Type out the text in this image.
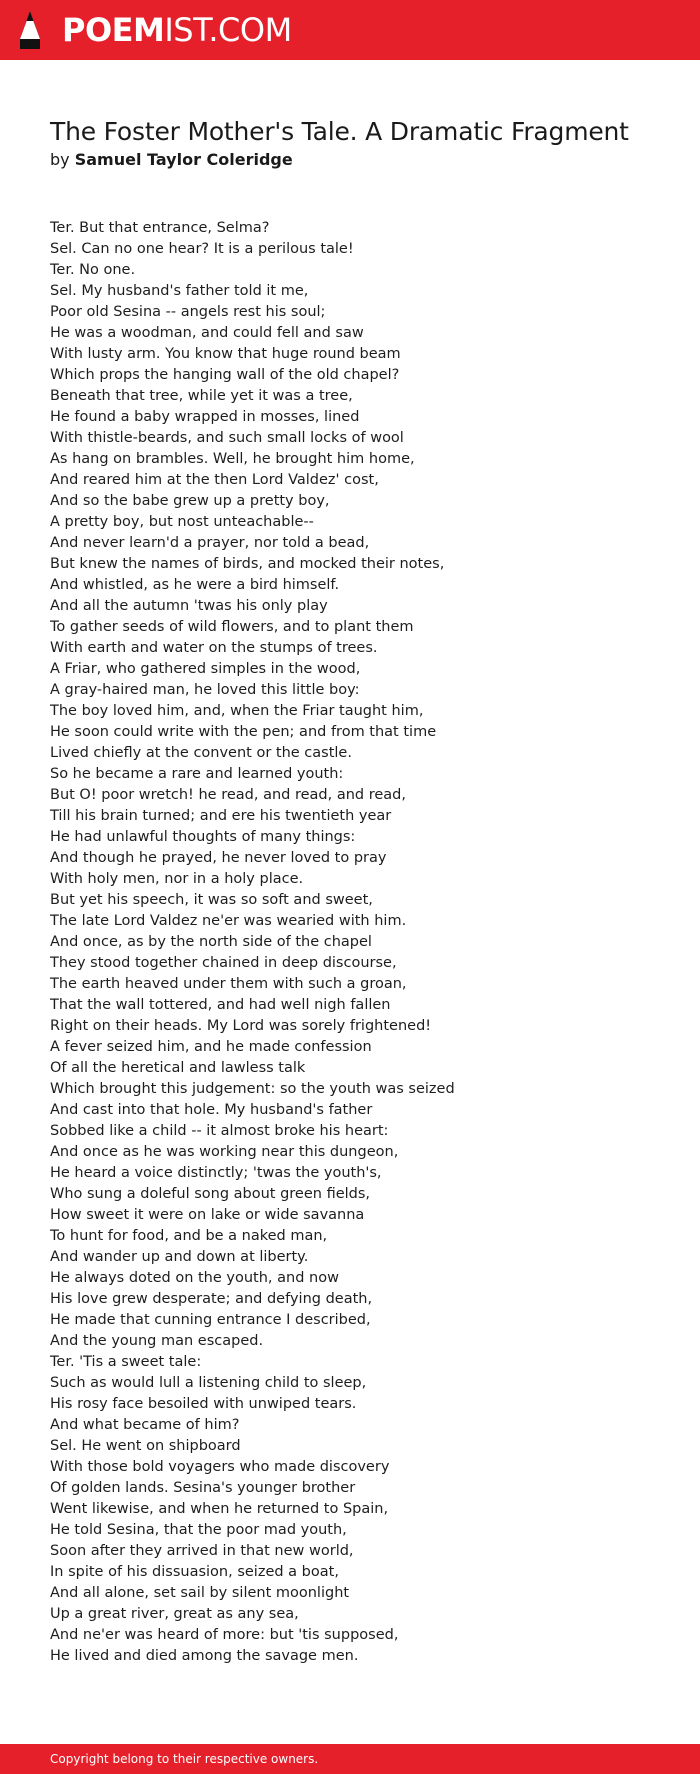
POEMIST.COM
The Foster Mother's Tale. A Dramatic Fragment
by Samuel Taylor Coleridge
Ter. But that entrance, Selma?
Sel. Can no one hear? It is a perilous tale!
Ter. No one.
Sel. My husband's father told it me,
Poor old Sesina -- angels rest his soul;
He was a woodman, and could fell and saw
With lusty arm. You know that huge round beam
Which props the hanging wall of the old chapel?
Beneath that tree, while yet it was a tree,
He found a baby wrapped in mosses, lined
With thistle-beards, and such small locks of wool
As hang on brambles. Well, he brought him home,
And reared him at the then Lord Valdez' cost,
And so the babe grew up a pretty boy,
A pretty boy, but nost unteachable--
And never learn'd a prayer, nor told a bead,
But knew the names of birds, and mocked their notes,
And whistled, as he were a bird himself.
And all the autumn 'twas his only play
To gather seeds of wild flowers, and to plant them
With earth and water on the stumps of trees.
A Friar, who gathered simples in the wood,
A gray-haired man, he loved this little boy:
The boy loved him, and, when the Friar taught him,
He soon could write with the pen; and from that time
Lived chiefly at the convent or the castle.
So he became a rare and learned youth:
But O! poor wretch! he read, and read, and read,
Till his brain turned; and ere his twentieth year
He had unlawful thoughts of many things:
And though he prayed, he never loved to pray
With holy men, nor in a holy place.
But yet his speech, it was so soft and sweet,
The late Lord Valdez ne'er was wearied with him.
And once, as by the north side of the chapel
They stood together chained in deep discourse,
The earth heaved under them with such a groan,
That the wall tottered, and had well nigh fallen
Right on their heads. My Lord was sorely frightened!
A fever seized him, and he made confession
Of all the heretical and lawless talk
Which brought this judgement: so the youth was seized
And cast into that hole. My husband's father
Sobbed like a child -- it almost broke his heart:
And once as he was working near this dungeon,
He heard a voice distinctly; 'twas the youth's,
Who sung a doleful song about green fields,
How sweet it were on lake or wide savanna
To hunt for food, and be a naked man,
And wander up and down at liberty.
He always doted on the youth, and now
His love grew desperate; and defying death,
He made that cunning entrance I described,
And the young man escaped.
Ter. 'Tis a sweet tale:
Such as would lull a listening child to sleep,
His rosy face besoiled with unwiped tears.
And what became of him?
Sel. He went on shipboard
With those bold voyagers who made discovery
Of golden lands. Sesina's younger brother
Went likewise, and when he returned to Spain,
He told Sesina, that the poor mad youth,
Soon after they arrived in that new world,
In spite of his dissuasion, seized a boat,
And all alone, set sail by silent moonlight
Up a great river, great as any sea,
And ne'er was heard of more: but 'tis supposed,
He lived and died among the savage men.
Copyright belong to their respective owners.
